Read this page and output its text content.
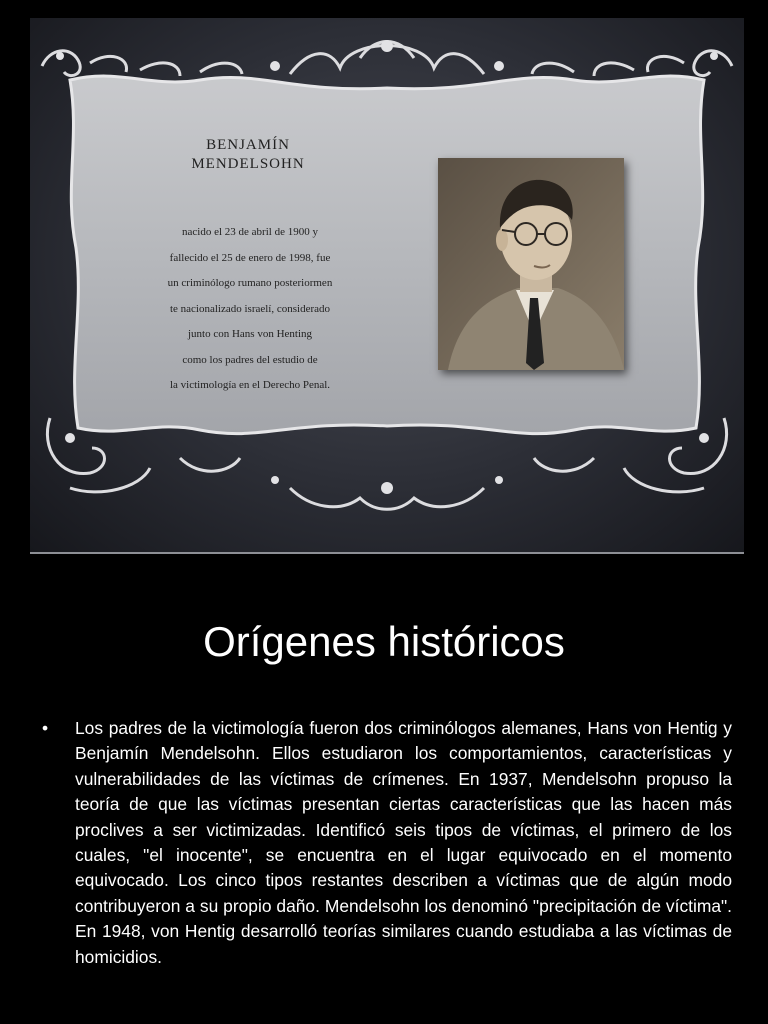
BENJAMÍN
MENDELSOHN
nacido el 23 de abril de 1900 y
fallecido el 25 de enero de 1998, fue
un criminólogo rumano posteriormen
te nacionalizado israelí, considerado
junto con Hans von Henting
como los padres del estudio de
la victimología en el Derecho Penal.
Orígenes históricos
• Los padres de la victimología fueron dos criminólogos alemanes, Hans von Hentig y Benjamín Mendelsohn. Ellos estudiaron los comportamientos, características y vulnerabilidades de las víctimas de crímenes. En 1937, Mendelsohn propuso la teoría de que las víctimas presentan ciertas características que las hacen más proclives a ser victimizadas. Identificó seis tipos de víctimas, el primero de los cuales, "el inocente", se encuentra en el lugar equivocado en el momento equivocado. Los cinco tipos restantes describen a víctimas que de algún modo contribuyeron a su propio daño. Mendelsohn los denominó "precipitación de víctima". En 1948, von Hentig desarrolló teorías similares cuando estudiaba a las víctimas de homicidios.
